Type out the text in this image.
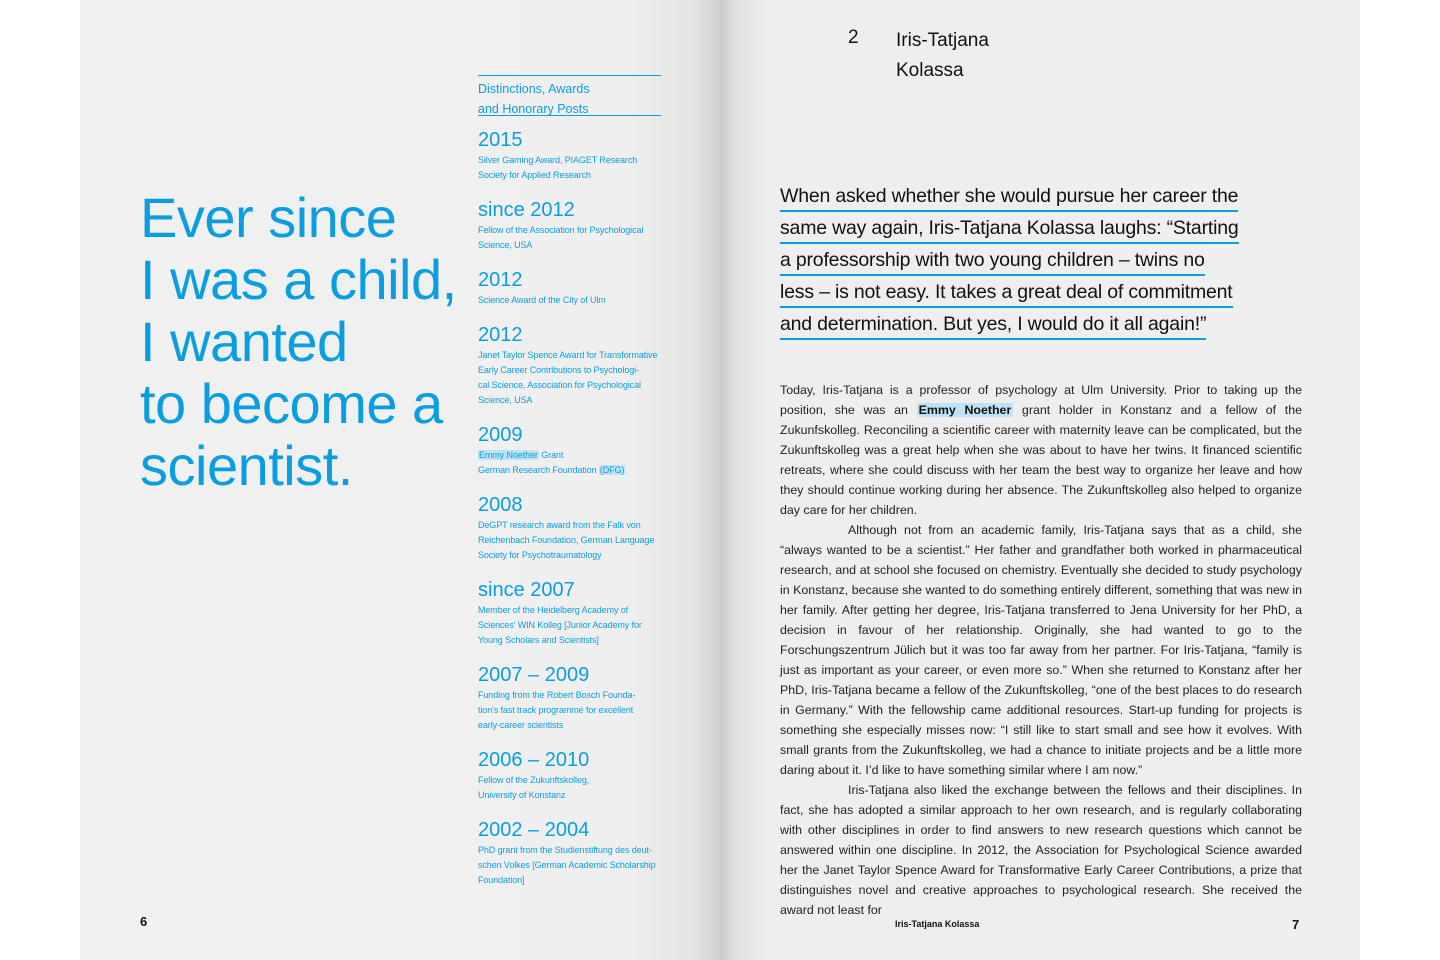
Ever since
I was a child,
I wanted
to become a
scientist.
Distinctions, Awards
and Honorary Posts
2015
Silver Gaming Award, PIAGET Research
Society for Applied Research
since 2012
Fellow of the Association for Psychological
Science, USA
2012
Science Award of the City of Ulm
2012
Janet Taylor Spence Award for Transformative
Early Career Contributions to Psychologi-
cal Science, Association for Psychological
Science, USA
2009
Emmy Noether Grant
German Research Foundation (DFG)
2008
DeGPT research award from the Falk von
Reichenbach Foundation, German Language
Society for Psychotraumatology
since 2007
Member of the Heidelberg Academy of
Sciences' WIN Kolleg [Junior Academy for
Young Scholars and Scientists]
2007 – 2009
Funding from the Robert Bosch Founda-
tion's fast track programme for excellent
early-career scientists
2006 – 2010
Fellow of the Zukunftskolleg,
University of Konstanz
2002 – 2004
PhD grant from the Studienstiftung des deut-
schen Volkes [German Academic Scholarship
Foundation]
6
2 Iris-Tatjana
Kolassa
When asked whether she would pursue her career the
same way again, Iris-Tatjana Kolassa laughs: “Starting
a professorship with two young children – twins no
less – is not easy. It takes a great deal of commitment
and determination. But yes, I would do it all again!”

Today, Iris-Tatjana is a professor of psychology at Ulm University. Prior to taking up the position, she was an Emmy Noether grant holder in Konstanz and a fellow of the Zukunfskolleg. Reconciling a scientific career with maternity leave can be complicated, but the Zukunftskolleg was a great help when she was about to have her twins. It financed scientific retreats, where she could discuss with her team the best way to organize her leave and how they should continue working during her absence. The Zukunftskolleg also helped to organize day care for her children.

Although not from an academic family, Iris-Tatjana says that as a child, she “always wanted to be a scientist.” Her father and grandfather both worked in pharmaceutical research, and at school she focused on chemistry. Eventually she decided to study psychology in Konstanz, because she wanted to do something entirely different, something that was new in her family. After getting her degree, Iris-Tatjana transferred to Jena University for her PhD, a decision in favour of her relationship. Originally, she had wanted to go to the Forschungszentrum Jülich but it was too far away from her partner. For Iris-Tatjana, “family is just as important as your career, or even more so.” When she returned to Konstanz after her PhD, Iris-Tatjana became a fellow of the Zukunftskolleg, “one of the best places to do research in Germany.” With the fellowship came additional resources. Start-up funding for projects is something she especially misses now: “I still like to start small and see how it evolves. With small grants from the Zukunftskolleg, we had a chance to initiate projects and be a little more daring about it. I’d like to have something similar where I am now.”

Iris-Tatjana also liked the exchange between the fellows and their disciplines. In fact, she has adopted a similar approach to her own research, and is regularly collaborating with other disciplines in order to find answers to new research questions which cannot be answered within one discipline. In 2012, the Association for Psychological Science awarded her the Janet Taylor Spence Award for Transformative Early Career Contributions, a prize that distinguishes novel and creative approaches to psychological research. She received the award not least for

Iris-Tatjana Kolassa	7
